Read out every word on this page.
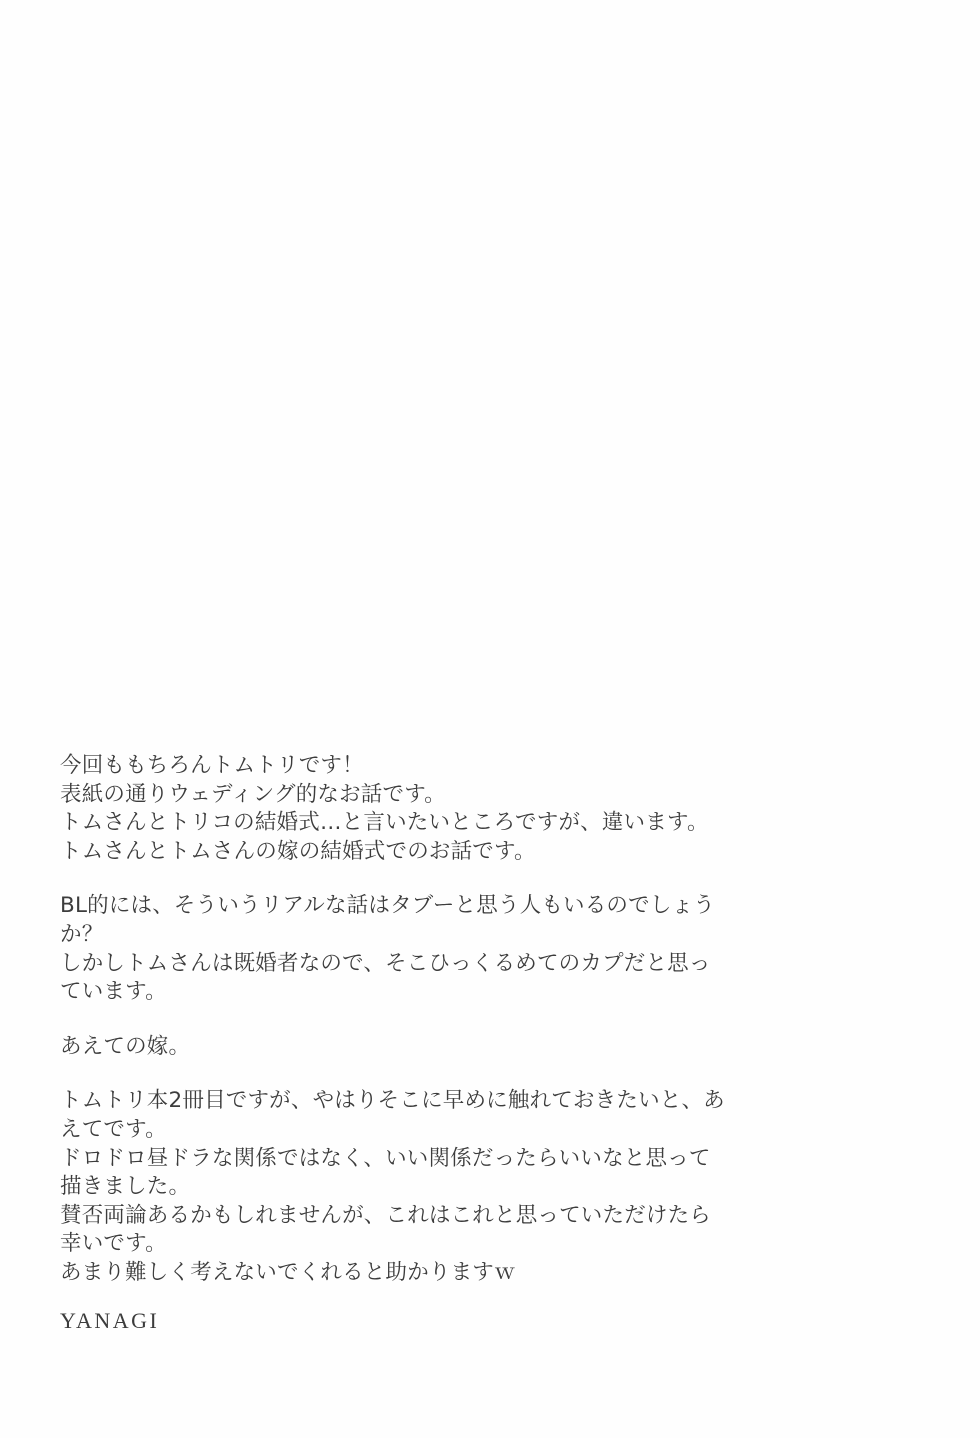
今回ももちろんトムトリです！
表紙の通りウェディング的なお話です。
トムさんとトリコの結婚式…と言いたいところですが、違います。
トムさんとトムさんの嫁の結婚式でのお話です。
BL的には、そういうリアルな話はタブーと思う人もいるのでしょう
か？
しかしトムさんは既婚者なので、そこひっくるめてのカプだと思っ
ています。
あえての嫁。
トムトリ本2冊目ですが、やはりそこに早めに触れておきたいと、あ
えてです。
ドロドロ昼ドラな関係ではなく、いい関係だったらいいなと思って
描きました。
賛否両論あるかもしれませんが、これはこれと思っていただけたら
幸いです。
あまり難しく考えないでくれると助かりますｗ
YANAGI
